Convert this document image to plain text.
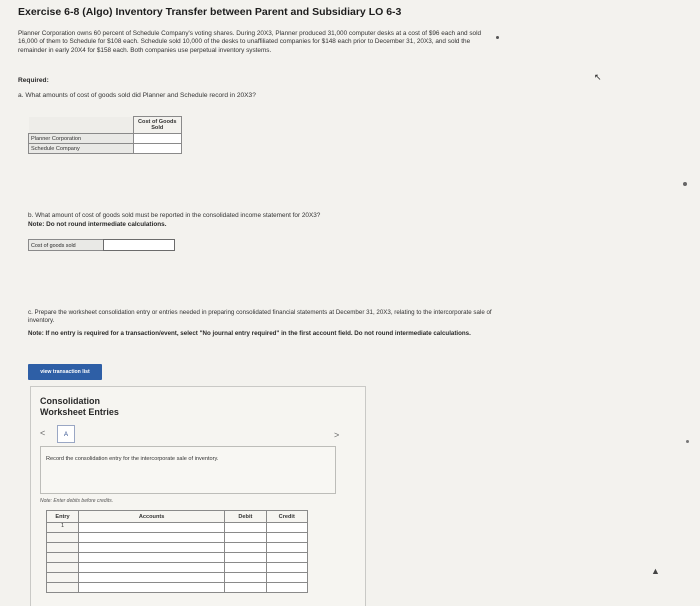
Exercise 6-8 (Algo) Inventory Transfer between Parent and Subsidiary LO 6-3
Planner Corporation owns 60 percent of Schedule Company's voting shares. During 20X3, Planner produced 31,000 computer desks at a cost of $96 each and sold 16,000 of them to Schedule for $108 each. Schedule sold 10,000 of the desks to unaffiliated companies for $148 each prior to December 31, 20X3, and sold the remainder in early 20X4 for $158 each. Both companies use perpetual inventory systems.
Required:
a. What amounts of cost of goods sold did Planner and Schedule record in 20X3?
	Cost of Goods Sold
Planner Corporation	
Schedule Company	
b. What amount of cost of goods sold must be reported in the consolidated income statement for 20X3?
Note: Do not round intermediate calculations.
Cost of goods sold
c. Prepare the worksheet consolidation entry or entries needed in preparing consolidated financial statements at December 31, 20X3, relating to the intercorporate sale of inventory.
Note: If no entry is required for a transaction/event, select "No journal entry required" in the first account field. Do not round intermediate calculations.
view transaction list
Consolidation
Worksheet Entries
<	A	>
Record the consolidation entry for the intercorporate sale of inventory.
Note: Enter debits before credits.
Entry	Accounts	Debit	Credit
1			

↖
▲
